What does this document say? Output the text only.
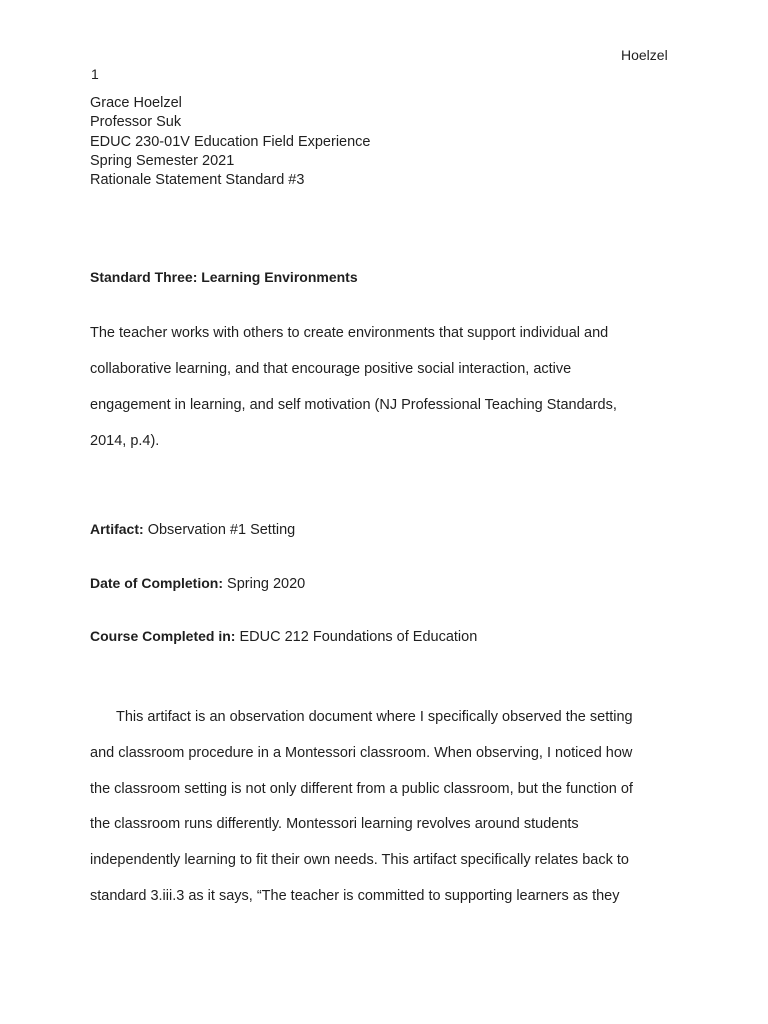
Hoelzel
1
Grace Hoelzel
Professor Suk
EDUC 230-01V Education Field Experience
Spring Semester 2021
Rationale Statement Standard #3
Standard Three: Learning Environments
The teacher works with others to create environments that support individual and
collaborative learning, and that encourage positive social interaction, active
engagement in learning, and self motivation (NJ Professional Teaching Standards,
2014, p.4).
Artifact: Observation #1 Setting
Date of Completion: Spring 2020
Course Completed in: EDUC 212 Foundations of Education
This artifact is an observation document where I specifically observed the setting
and classroom procedure in a Montessori classroom. When observing, I noticed how
the classroom setting is not only different from a public classroom, but the function of
the classroom runs differently. Montessori learning revolves around students
independently learning to fit their own needs. This artifact specifically relates back to
standard 3.iii.3 as it says, “The teacher is committed to supporting learners as they
